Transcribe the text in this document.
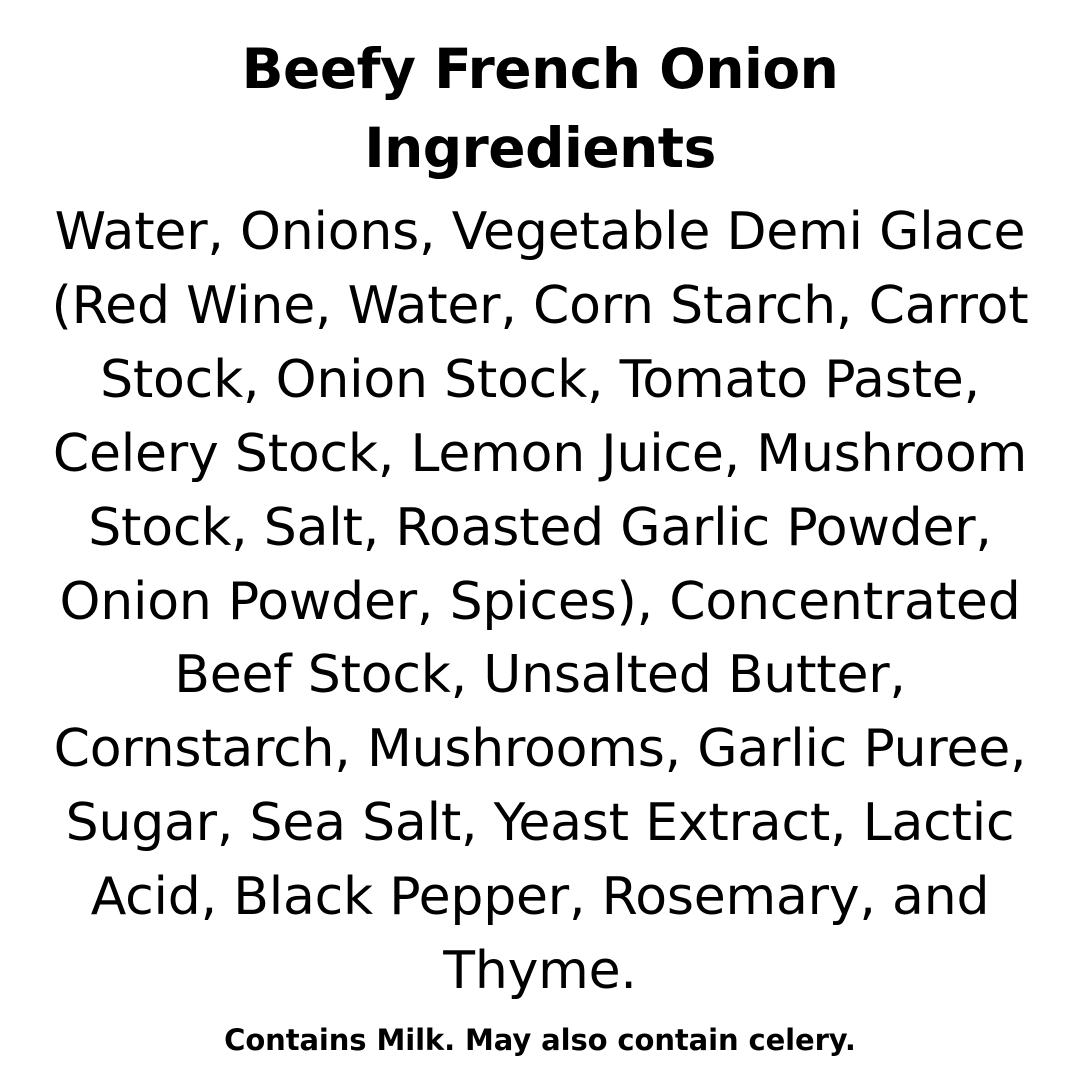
Beefy French Onion Ingredients

Water, Onions, Vegetable Demi Glace (Red Wine, Water, Corn Starch, Carrot Stock, Onion Stock, Tomato Paste, Celery Stock, Lemon Juice, Mushroom Stock, Salt, Roasted Garlic Powder, Onion Powder, Spices), Concentrated Beef Stock, Unsalted Butter, Cornstarch, Mushrooms, Garlic Puree, Sugar, Sea Salt, Yeast Extract, Lactic Acid, Black Pepper, Rosemary, and Thyme.

Contains Milk. May also contain celery.
